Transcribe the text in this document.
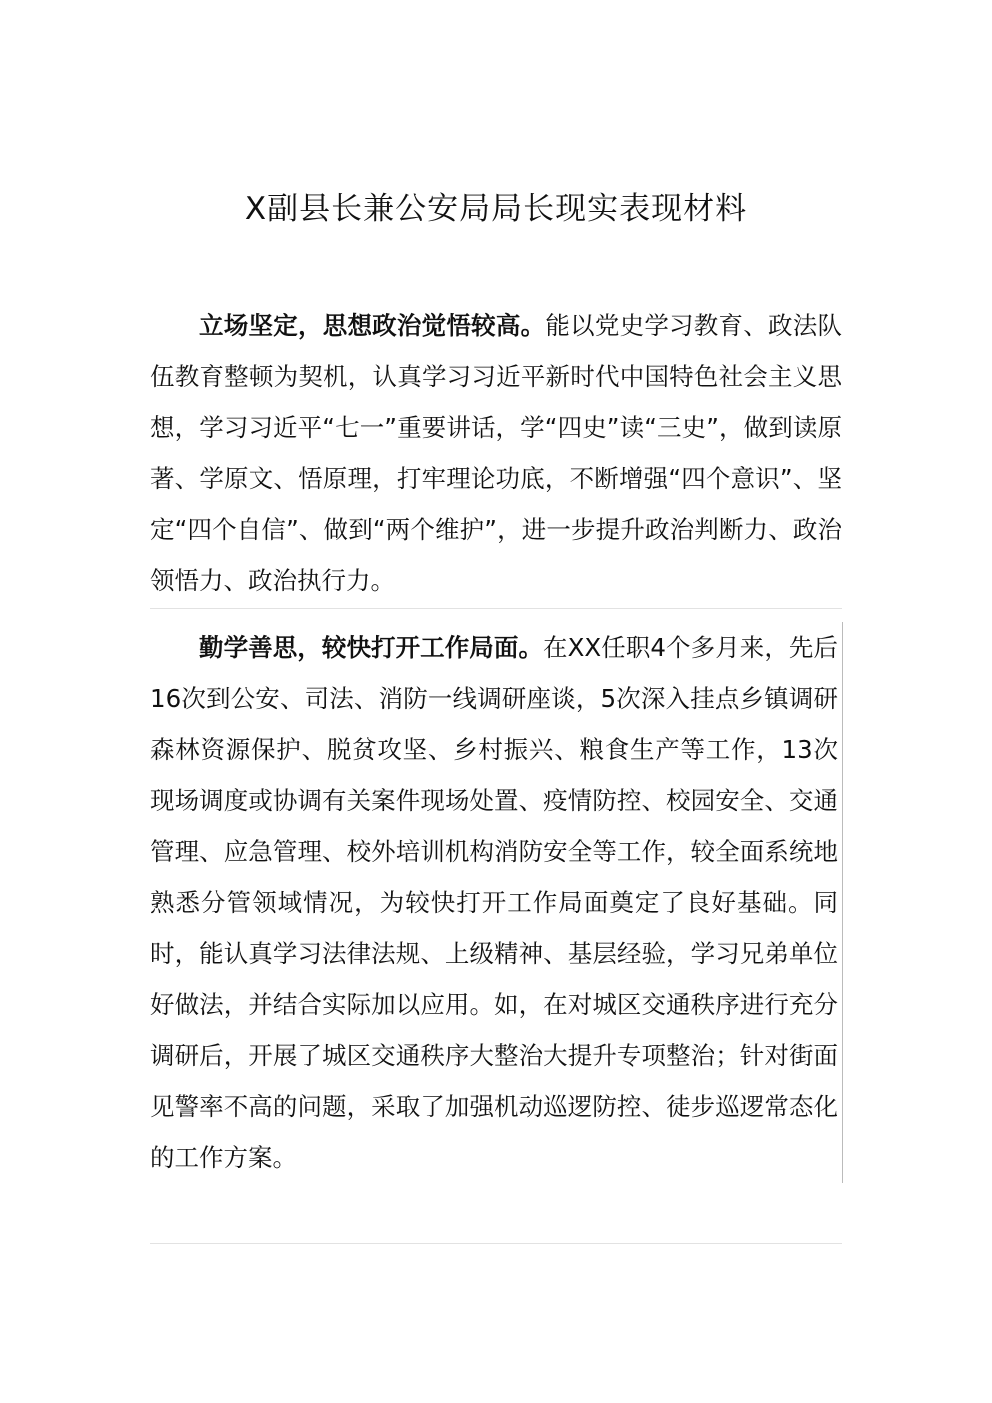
X副县长兼公安局局长现实表现材料

立场坚定，思想政治觉悟较高。能以党史学习教育、政法队伍教育整顿为契机，认真学习习近平新时代中国特色社会主义思想，学习习近平“七一”重要讲话，学“四史”读“三史”，做到读原著、学原文、悟原理，打牢理论功底，不断增强“四个意识”、坚定“四个自信”、做到“两个维护”，进一步提升政治判断力、政治领悟力、政治执行力。

勤学善思，较快打开工作局面。在XX任职4个多月来，先后16次到公安、司法、消防一线调研座谈，5次深入挂点乡镇调研森林资源保护、脱贫攻坚、乡村振兴、粮食生产等工作，13次现场调度或协调有关案件现场处置、疫情防控、校园安全、交通管理、应急管理、校外培训机构消防安全等工作，较全面系统地熟悉分管领域情况，为较快打开工作局面奠定了良好基础。同时，能认真学习法律法规、上级精神、基层经验，学习兄弟单位好做法，并结合实际加以应用。如，在对城区交通秩序进行充分调研后，开展了城区交通秩序大整治大提升专项整治；针对街面见警率不高的问题，采取了加强机动巡逻防控、徒步巡逻常态化的工作方案。
